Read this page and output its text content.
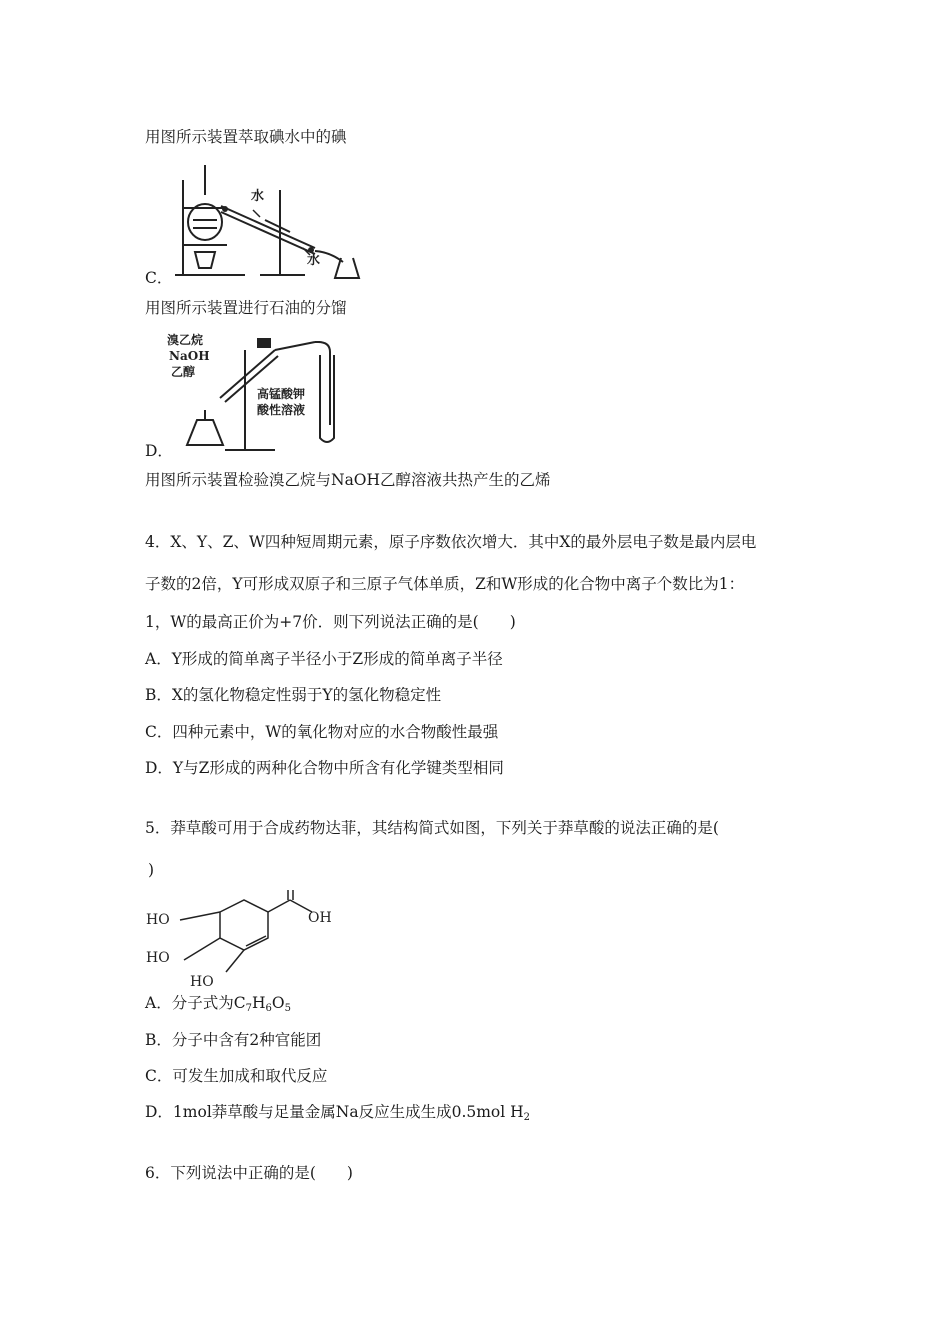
用图所示装置萃取碘水中的碘
水
水
C．
用图所示装置进行石油的分馏
溴乙烷
NaOH
乙醇
高锰酸钾
酸性溶液
D．
用图所示装置检验溴乙烷与NaOH乙醇溶液共热产生的乙烯
4．X、Y、Z、W四种短周期元素，原子序数依次增大．其中X的最外层电子数是最内层电
子数的2倍，Y可形成双原子和三原子气体单质，Z和W形成的化合物中离子个数比为1：
1，W的最高正价为+7价．则下列说法正确的是(　　)
A．Y形成的简单离子半径小于Z形成的简单离子半径
B．X的氢化物稳定性弱于Y的氢化物稳定性
C．四种元素中，W的氧化物对应的水合物酸性最强
D．Y与Z形成的两种化合物中所含有化学键类型相同
5．莽草酸可用于合成药物达菲，其结构简式如图，下列关于莽草酸的说法正确的是(
)
HO
HO
HO
OH
A．分子式为$C_7H_6O_5$
B．分子中含有2种官能团
C．可发生加成和取代反应
D．1mol莽草酸与足量金属Na反应生成生成0.5mol $H_2$
6．下列说法中正确的是(　　)
